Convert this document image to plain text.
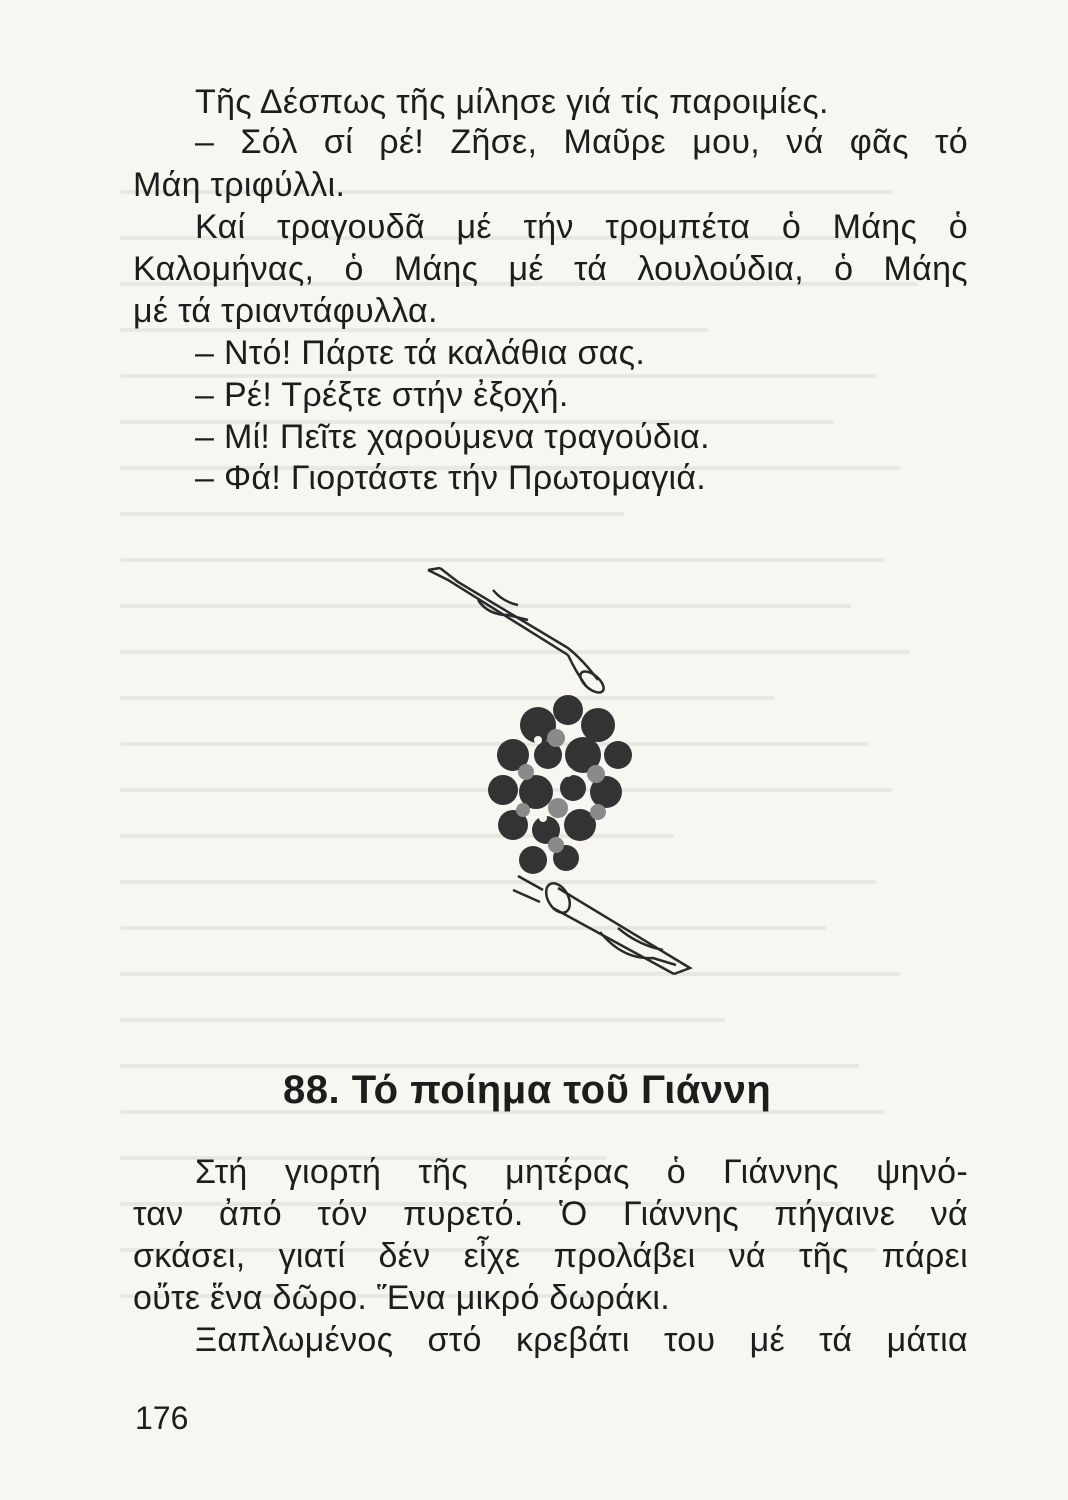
Τῆς Δέσπως τῆς μίλησε γιά τίς παροιμίες.
– Σόλ σί ρέ! Ζῆσε, Μαῦρε μου, νά φᾶς τό
Μάη τριφύλλι.
Καί τραγουδᾶ μέ τήν τρομπέτα ὁ Μάης ὁ
Καλομήνας, ὁ Μάης μέ τά λουλούδια, ὁ Μάης
μέ τά τριαντάφυλλα.
– Ντό! Πάρτε τά καλάθια σας.
– Ρέ! Τρέξτε στήν ἐξοχή.
– Μί! Πεῖτε χαρούμενα τραγούδια.
– Φά! Γιορτάστε τήν Πρωτομαγιά.
88. Τό ποίημα τοῦ Γιάννη
Στή γιορτή τῆς μητέρας ὁ Γιάννης ψηνό-
ταν ἀπό τόν πυρετό. Ὁ Γιάννης πήγαινε νά
σκάσει, γιατί δέν εἶχε προλάβει νά τῆς πάρει
οὔτε ἕνα δῶρο. Ἕνα μικρό δωράκι.
Ξαπλωμένος στό κρεβάτι του μέ τά μάτια
176
